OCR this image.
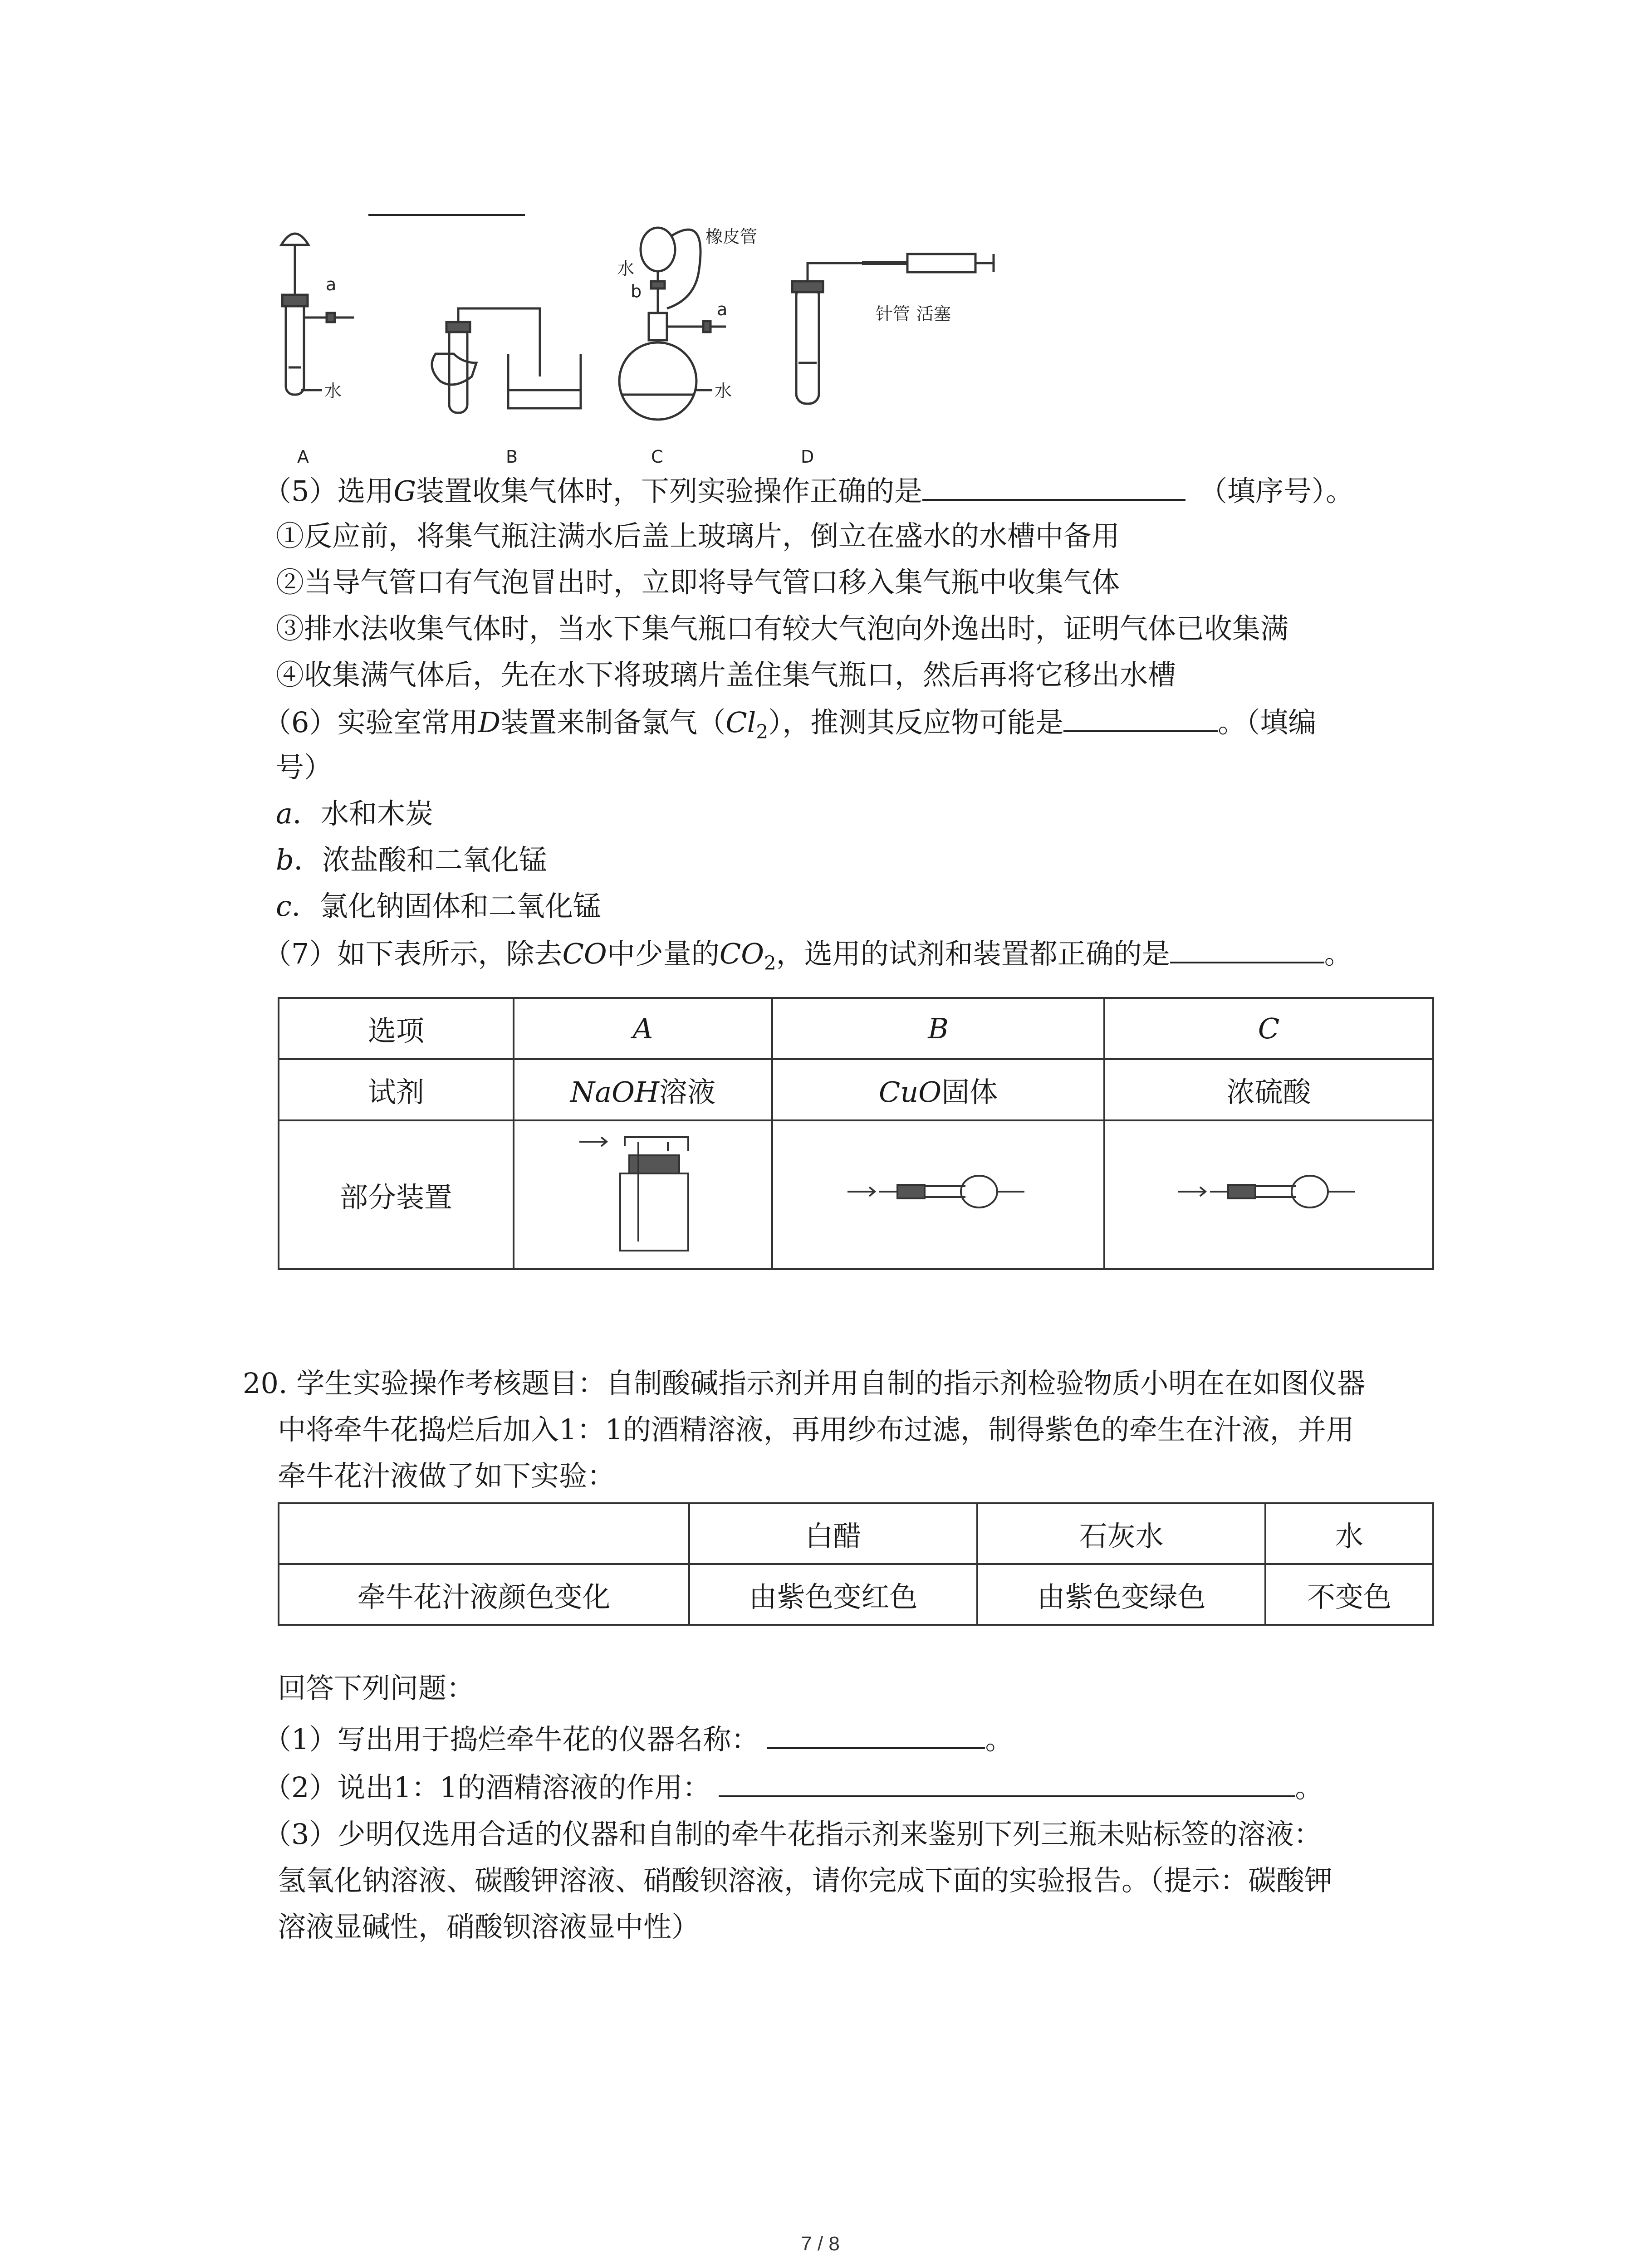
A	B	C	D
a
水
橡皮管
水
b
a
水
针管 活塞
（5）选用G装置收集气体时，下列实验操作正确的是	（填序号）。
①反应前，将集气瓶注满水后盖上玻璃片，倒立在盛水的水槽中备用
②当导气管口有气泡冒出时，立即将导气管口移入集气瓶中收集气体
③排水法收集气体时，当水下集气瓶口有较大气泡向外逸出时，证明气体已收集满
④收集满气体后，先在水下将玻璃片盖住集气瓶口，然后再将它移出水槽
（6）实验室常用D装置来制备氯气$(Cl_2)$，推测其反应物可能是	。（填编
号）
a．水和木炭
b．浓盐酸和二氧化锰
c．氯化钠固体和二氧化锰
（7）如下表所示，除去CO中少量的$CO_2$，选用的试剂和装置都正确的是	。
选项	A	B	C
试剂	NaOH溶液	CuO固体	浓硫酸
部分装置			
20. 学生实验操作考核题目：自制酸碱指示剂并用自制的指示剂检验物质小明在在如图仪器
中将牵牛花捣烂后加入1：1的酒精溶液，再用纱布过滤，制得紫色的牵生在汁液，并用
牵牛花汁液做了如下实验：
	白醋	石灰水	水
牵牛花汁液颜色变化	由紫色变红色	由紫色变绿色	不变色
回答下列问题：
（1）写出用于捣烂牵牛花的仪器名称：	。
（2）说出1：1的酒精溶液的作用：	。
（3）少明仅选用合适的仪器和自制的牵牛花指示剂来鉴别下列三瓶未贴标签的溶液：
氢氧化钠溶液、碳酸钾溶液、硝酸钡溶液，请你完成下面的实验报告。（提示：碳酸钾
溶液显碱性，硝酸钡溶液显中性）
7 / 8
